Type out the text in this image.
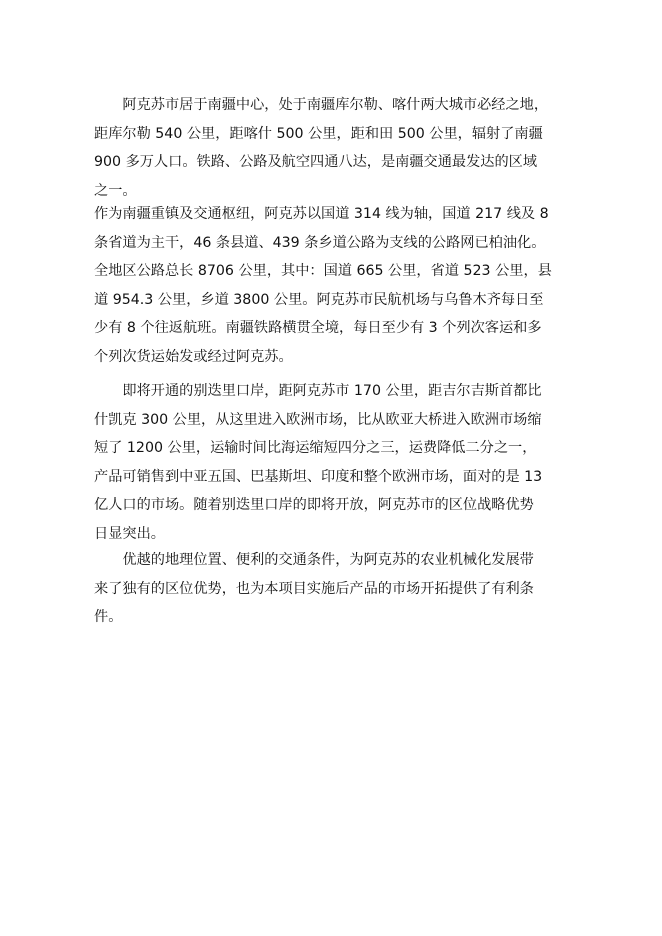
　　阿克苏市居于南疆中心，处于南疆库尔勒、喀什两大城市必经之地，
距库尔勒 540 公里，距喀什 500 公里，距和田 500 公里，辐射了南疆
900 多万人口。铁路、公路及航空四通八达，是南疆交通最发达的区域
之一。

作为南疆重镇及交通枢纽，阿克苏以国道 314 线为轴，国道 217 线及 8
条省道为主干，46 条县道、439 条乡道公路为支线的公路网已柏油化。
全地区公路总长 8706 公里，其中：国道 665 公里，省道 523 公里，县
道 954.3 公里，乡道 3800 公里。阿克苏市民航机场与乌鲁木齐每日至
少有 8 个往返航班。南疆铁路横贯全境，每日至少有 3 个列次客运和多
个列次货运始发或经过阿克苏。

　　即将开通的别迭里口岸，距阿克苏市 170 公里，距吉尔吉斯首都比
什凯克 300 公里，从这里进入欧洲市场，比从欧亚大桥进入欧洲市场缩
短了 1200 公里，运输时间比海运缩短四分之三，运费降低二分之一，
产品可销售到中亚五国、巴基斯坦、印度和整个欧洲市场，面对的是 13
亿人口的市场。随着别迭里口岸的即将开放，阿克苏市的区位战略优势
日显突出。

　　优越的地理位置、便利的交通条件，为阿克苏的农业机械化发展带
来了独有的区位优势，也为本项目实施后产品的市场开拓提供了有利条
件。
